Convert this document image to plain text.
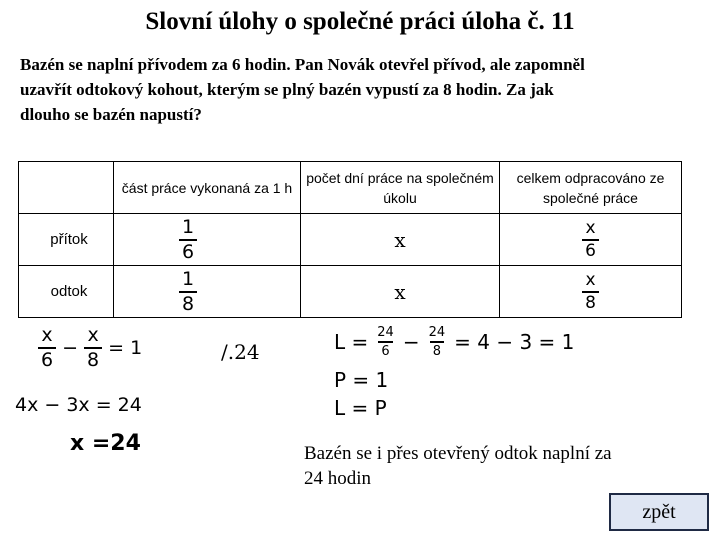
Slovní úlohy o společné práci úloha č. 11
Bazén se naplní přívodem za 6 hodin. Pan Novák otevřel přívod, ale zapomněl
uzavřít odtokový kohout, kterým se plný bazén vypustí za 8 hodin. Za jak
dlouho se bazén napustí?
	část práce vykonaná za 1 h	počet dní práce na společném úkolu	celkem odpracováno ze společné práce
přítok	$\frac{1}{6}$	x	$\frac{x}{6}$

odtok	$\frac{1}{8}$	x	$\frac{x}{8}$
$\frac{x}{6} - \frac{x}{8} = 1$	/.24
4x − 3x = 24
x =24
$L = \frac{24}{6} - \frac{24}{8} = 4 - 3 = 1$
P = 1
L = P
Bazén se i přes otevřený odtok naplní za
24 hodin
zpět
